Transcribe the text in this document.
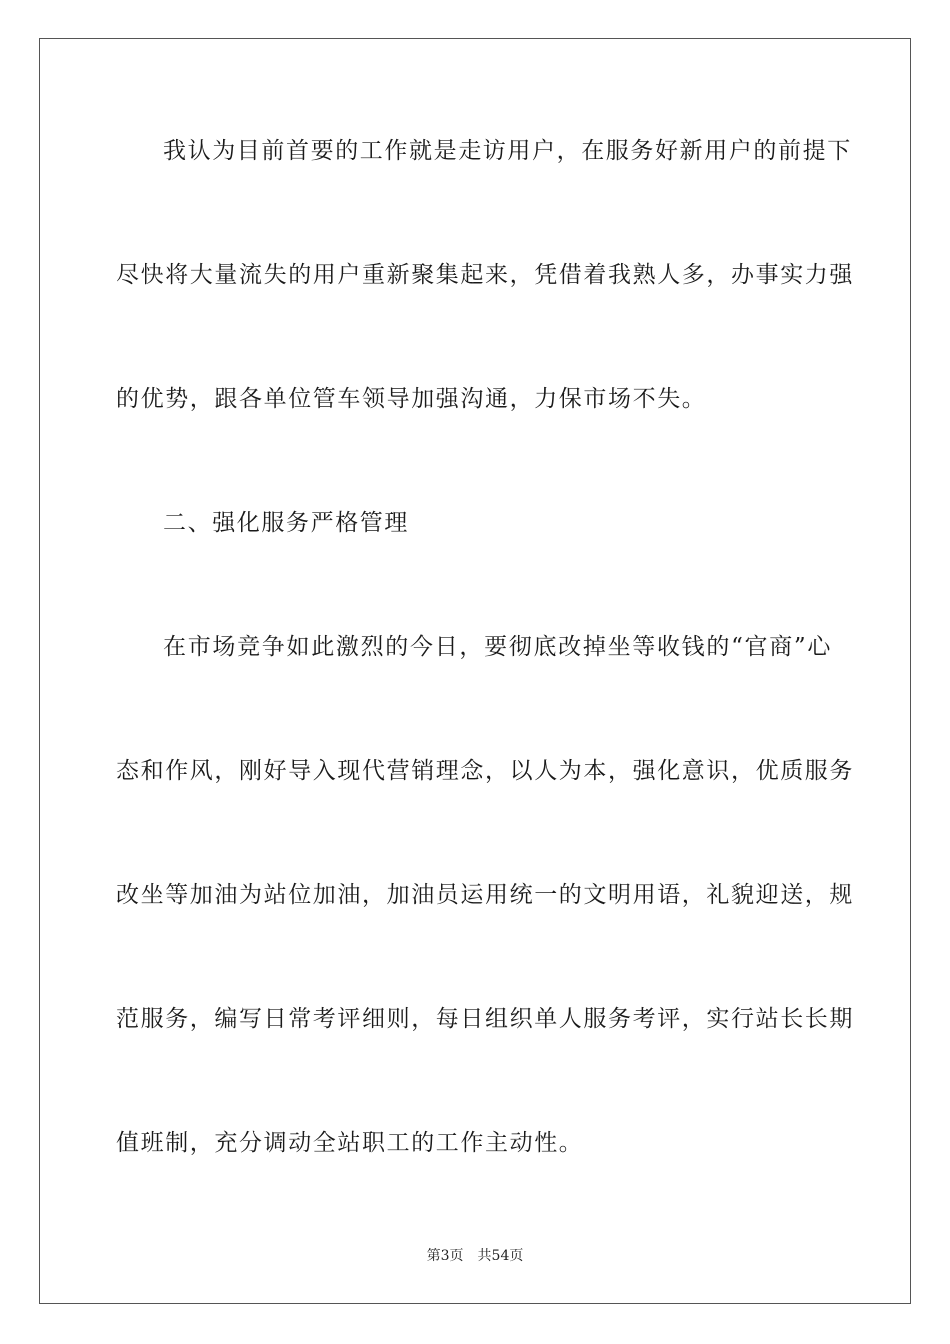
我认为目前首要的工作就是走访用户，在服务好新用户的前提下
尽快将大量流失的用户重新聚集起来，凭借着我熟人多，办事实力强
的优势，跟各单位管车领导加强沟通，力保市场不失。
二、强化服务严格管理
在市场竞争如此激烈的今日，要彻底改掉坐等收钱的“官商”心
态和作风，刚好导入现代营销理念，以人为本，强化意识，优质服务
改坐等加油为站位加油，加油员运用统一的文明用语，礼貌迎送，规
范服务，编写日常考评细则，每日组织单人服务考评，实行站长长期
值班制，充分调动全站职工的工作主动性。
第3页 共54页
